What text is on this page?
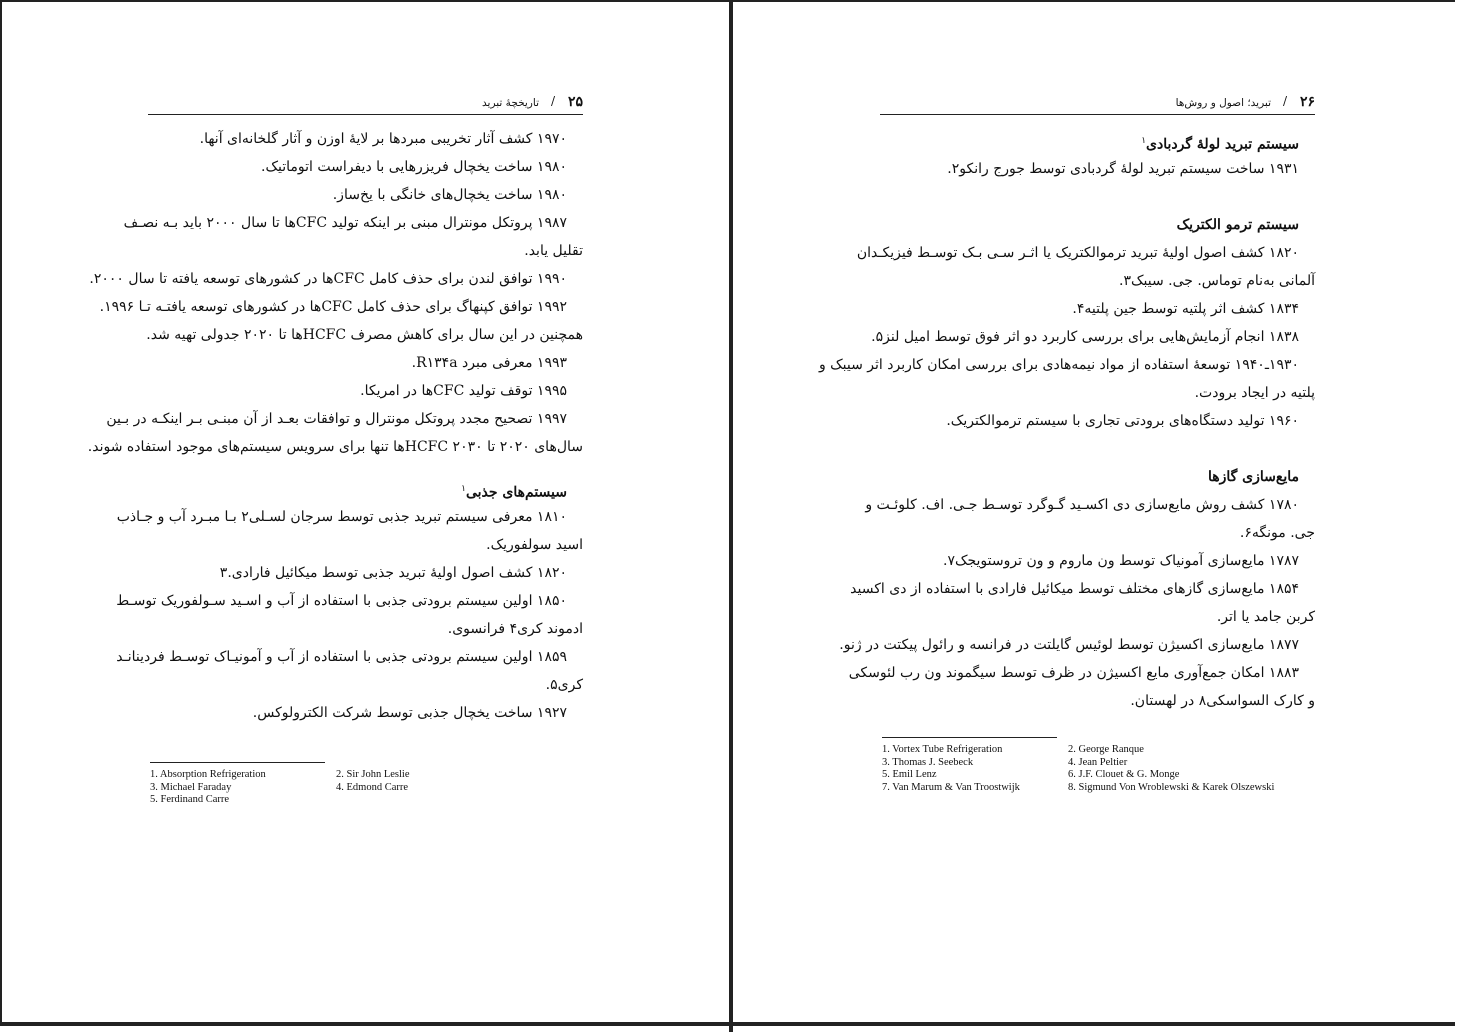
۲۵
/
تاریخچهٔ تبرید
۱۹۷۰ کشف آثار تخریبی مبردها بر لایهٔ اوزن و آثار گلخانه‌ای آنها.
۱۹۸۰ ساخت یخچال فریزرهایی با دیفراست اتوماتیک.
۱۹۸۰ ساخت یخچال‌های خانگی با یخ‌ساز.
۱۹۸۷ پروتکل مونترال مبنی بر اینکه تولید CFCها تا سال ۲۰۰۰ باید بـه نصـف
تقلیل یابد.
۱۹۹۰ توافق لندن برای حذف کامل CFCها در کشورهای توسعه یافته تا سال ۲۰۰۰.
۱۹۹۲ توافق کپنهاگ برای حذف کامل CFCها در کشورهای توسعه یافتـه تـا ۱۹۹۶.
همچنین در این سال برای کاهش مصرف HCFCها تا ۲۰۲۰ جدولی تهیه شد.
۱۹۹۳ معرفی مبرد R۱۳۴a.
۱۹۹۵ توقف تولید CFCها در امریکا.
۱۹۹۷ تصحیح مجدد پروتکل مونترال و توافقات بعـد از آن مبنـی بـر اینکـه در بـین
سال‌های ۲۰۲۰ تا ۲۰۳۰ HCFCها تنها برای سرویس سیستم‌های موجود استفاده شوند.
سیستم‌های جذبی$^۱$
۱۸۱۰ معرفی سیستم تبرید جذبی توسط سرجان لسـلی۲ بـا مبـرد آب و جـاذب
اسید سولفوریک.
۱۸۲۰ کشف اصول اولیهٔ تبرید جذبی توسط میکائیل فارادی.۳
۱۸۵۰ اولین سیستم برودتی جذبی با استفاده از آب و اسـید سـولفوریک توسـط
ادموند کری۴ فرانسوی.
۱۸۵۹ اولین سیستم برودتی جذبی با استفاده از آب و آمونیـاک توسـط فردینانـد
کری۵.
۱۹۲۷ ساخت یخچال جذبی توسط شرکت الکترولوکس.
1. Absorption Refrigeration	2. Sir John Leslie
3. Michael Faraday	4. Edmond Carre
5. Ferdinand Carre
۲۶
/
تبرید؛ اصول و روش‌ها
سیستم تبرید لولهٔ گردبادی$^۱$
۱۹۳۱ ساخت سیستم تبرید لولهٔ گردبادی توسط جورج رانکو۲.
سیستم ترمو الکتریک
۱۸۲۰ کشف اصول اولیهٔ تبرید ترموالکتریک یا اثـر سـی بـک توسـط فیزیکـدان
آلمانی به‌نام توماس. جی. سیبک۳.
۱۸۳۴ کشف اثر پلتیه توسط جین پلتیه۴.
۱۸۳۸ انجام آزمایش‌هایی برای بررسی کاربرد دو اثر فوق توسط امیل لنز۵.
۱۹۳۰ـ۱۹۴۰ توسعهٔ استفاده از مواد نیمه‌هادی برای بررسی امکان کاربرد اثر سیبک و
پلتیه در ایجاد برودت.
۱۹۶۰ تولید دستگاه‌های برودتی تجاری با سیستم ترموالکتریک.
مایع‌سازی گازها
۱۷۸۰ کشف روش مایع‌سازی دی اکسـید گـوگرد توسـط جـی. اف. کلوئـت و
جی. مونگه۶.
۱۷۸۷ مایع‌سازی آمونیاک توسط ون ماروم و ون تروستویجک۷.
۱۸۵۴ مایع‌سازی گازهای مختلف توسط میکائیل فارادی با استفاده از دی اکسید
کربن جامد یا اتر.
۱۸۷۷ مایع‌سازی اکسیژن توسط لوئیس گایلتت در فرانسه و رائول پیکتت در ژنو.
۱۸۸۳ امکان جمع‌آوری مایع اکسیژن در ظرف توسط سیگموند ون رب لئوسکی
و کارک السواسکی۸ در لهستان.
1. Vortex Tube Refrigeration	2. George Ranque
3. Thomas J. Seebeck	4. Jean Peltier
5. Emil Lenz	6. J.F. Clouet & G. Monge
7. Van Marum & Van Troostwijk	8. Sigmund Von Wroblewski & Karek Olszewski
